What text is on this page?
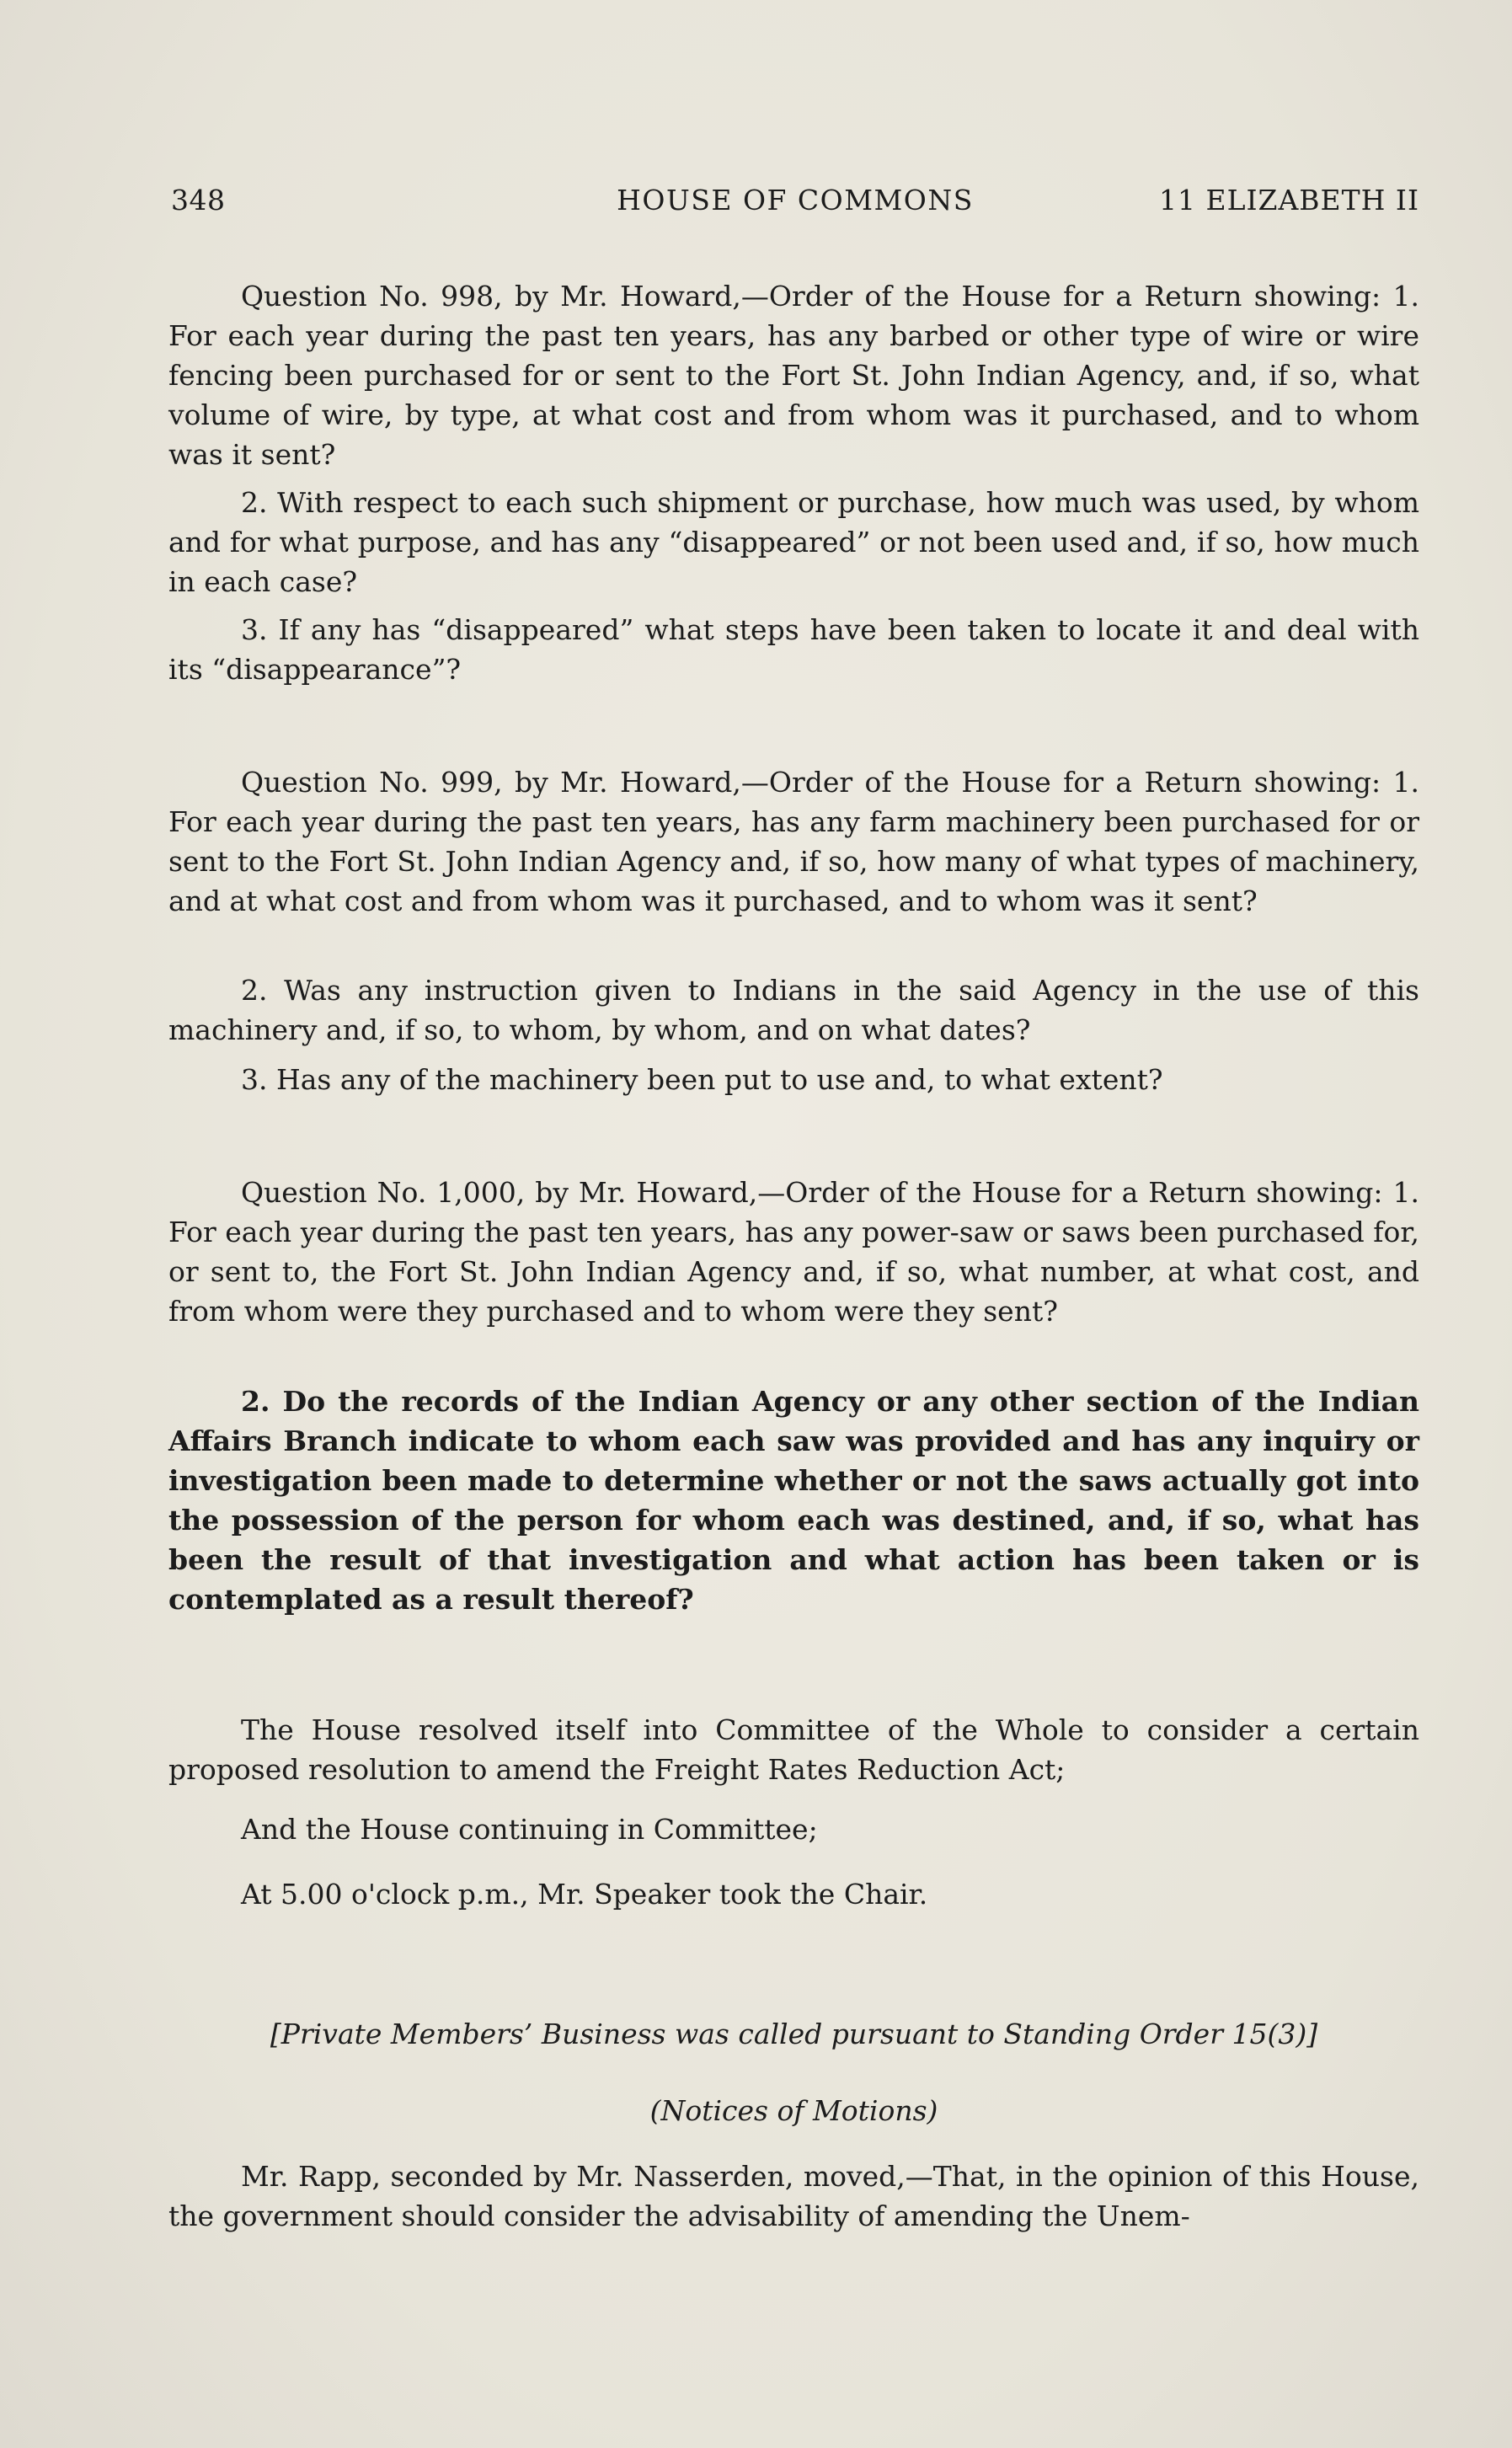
348	HOUSE OF COMMONS	11 ELIZABETH II

Question No. 998, by Mr. Howard,—Order of the House for a Return showing: 1. For each year during the past ten years, has any barbed or other type of wire or wire fencing been purchased for or sent to the Fort St. John Indian Agency, and, if so, what volume of wire, by type, at what cost and from whom was it purchased, and to whom was it sent?

2. With respect to each such shipment or purchase, how much was used, by whom and for what purpose, and has any “disappeared” or not been used and, if so, how much in each case?

3. If any has “disappeared” what steps have been taken to locate it and deal with its “disappearance”?

Question No. 999, by Mr. Howard,—Order of the House for a Return showing: 1. For each year during the past ten years, has any farm machinery been purchased for or sent to the Fort St. John Indian Agency and, if so, how many of what types of machinery, and at what cost and from whom was it purchased, and to whom was it sent?

2. Was any instruction given to Indians in the said Agency in the use of this machinery and, if so, to whom, by whom, and on what dates?

3. Has any of the machinery been put to use and, to what extent?

Question No. 1,000, by Mr. Howard,—Order of the House for a Return showing: 1. For each year during the past ten years, has any power-saw or saws been purchased for, or sent to, the Fort St. John Indian Agency and, if so, what number, at what cost, and from whom were they purchased and to whom were they sent?

2. Do the records of the Indian Agency or any other section of the Indian Affairs Branch indicate to whom each saw was provided and has any inquiry or investigation been made to determine whether or not the saws actually got into the possession of the person for whom each was destined, and, if so, what has been the result of that investigation and what action has been taken or is contemplated as a result thereof?

The House resolved itself into Committee of the Whole to consider a certain proposed resolution to amend the Freight Rates Reduction Act;

And the House continuing in Committee;

At 5.00 o'clock p.m., Mr. Speaker took the Chair.

[Private Members’ Business was called pursuant to Standing Order 15(3)]

(Notices of Motions)

Mr. Rapp, seconded by Mr. Nasserden, moved,—That, in the opinion of this House, the government should consider the advisability of amending the Unem-
